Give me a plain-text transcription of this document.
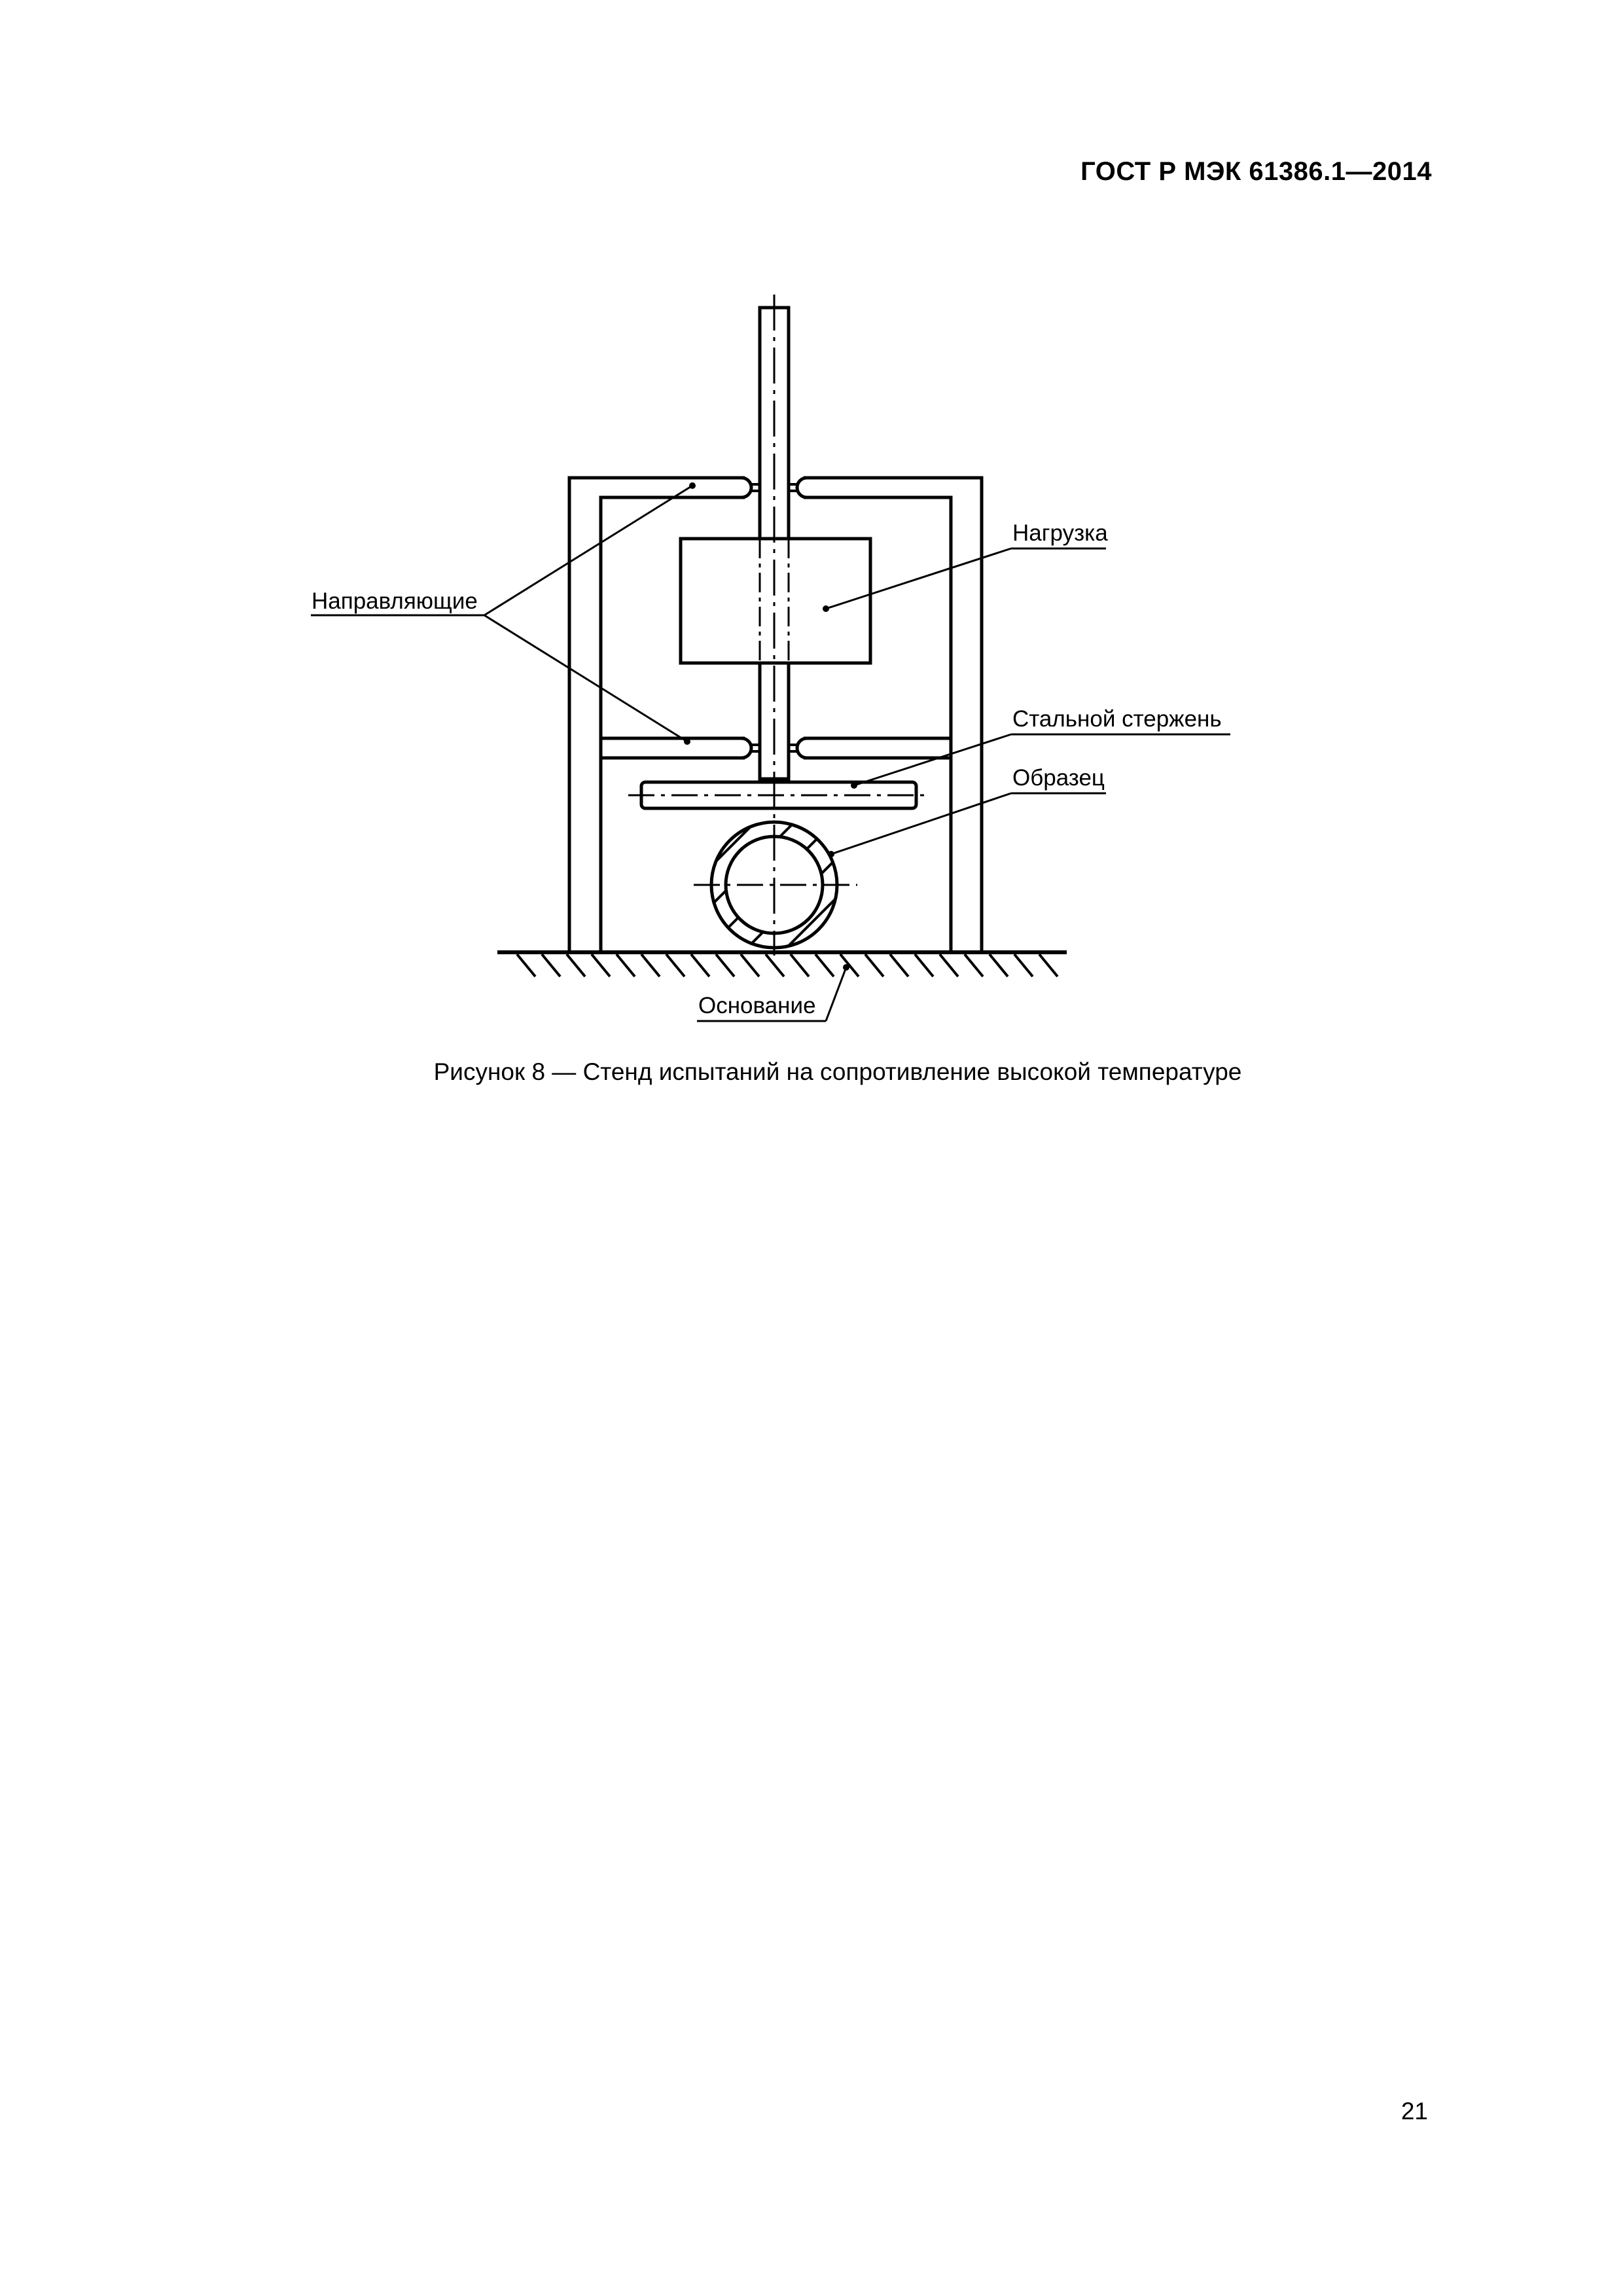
ГОСТ Р МЭК 61386.1—2014
Направляющие
Нагрузка
Стальной стержень
Образец
Основание
Рисунок 8 — Стенд испытаний на сопротивление высокой температуре
21
